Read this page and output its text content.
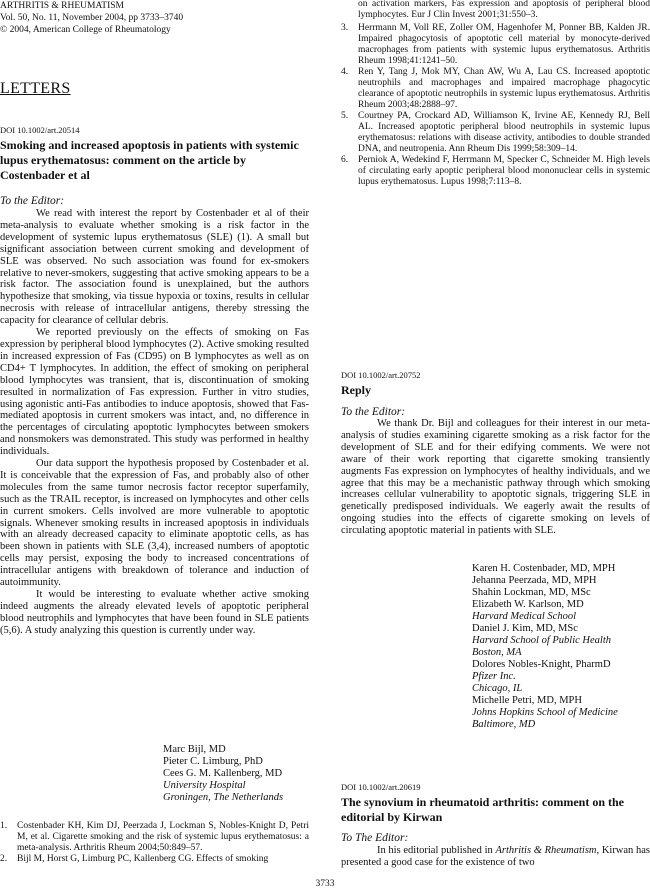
ARTHRITIS & RHEUMATISM
Vol. 50, No. 11, November 2004, pp 3733–3740
© 2004, American College of Rheumatology
LETTERS
DOI 10.1002/art.20514
Smoking and increased apoptosis in patients with systemic lupus erythematosus: comment on the article by Costenbader et al
To the Editor:

We read with interest the report by Costenbader et al of their meta-analysis to evaluate whether smoking is a risk factor in the development of systemic lupus erythematosus (SLE) (1). A small but significant association between current smoking and development of SLE was observed. No such association was found for ex-smokers relative to never-smokers, suggesting that active smoking appears to be a risk factor. The association found is unexplained, but the authors hypothesize that smoking, via tissue hypoxia or toxins, results in cellular necrosis with release of intracellular antigens, thereby stressing the capacity for clearance of cellular debris.

We reported previously on the effects of smoking on Fas expression by peripheral blood lymphocytes (2). Active smoking resulted in increased expression of Fas (CD95) on B lymphocytes as well as on CD4+ T lymphocytes. In addition, the effect of smoking on peripheral blood lymphocytes was transient, that is, discontinuation of smoking resulted in normalization of Fas expression. Further in vitro studies, using agonistic anti-Fas antibodies to induce apoptosis, showed that Fas-mediated apoptosis in current smokers was intact, and, no difference in the percentages of circulating apoptotic lymphocytes between smokers and nonsmokers was demonstrated. This study was performed in healthy individuals.

Our data support the hypothesis proposed by Costenbader et al. It is conceivable that the expression of Fas, and probably also of other molecules from the same tumor necrosis factor receptor superfamily, such as the TRAIL receptor, is increased on lymphocytes and other cells in current smokers. Cells involved are more vulnerable to apoptotic signals. Whenever smoking results in increased apoptosis in individuals with an already decreased capacity to eliminate apoptotic cells, as has been shown in patients with SLE (3,4), increased numbers of apoptotic cells may persist, exposing the body to increased concentrations of intracellular antigens with breakdown of tolerance and induction of autoimmunity.

It would be interesting to evaluate whether active smoking indeed augments the already elevated levels of apoptotic peripheral blood neutrophils and lymphocytes that have been found in SLE patients (5,6). A study analyzing this question is currently under way.

Marc Bijl, MD
Pieter C. Limburg, PhD
Cees G. M. Kallenberg, MD
University Hospital
Groningen, The Netherlands
1. Costenbader KH, Kim DJ, Peerzada J, Lockman S, Nobles-Knight D, Petri M, et al. Cigarette smoking and the risk of systemic lupus erythematosus: a meta-analysis. Arthritis Rheum 2004;50:849–57.
2. Bijl M, Horst G, Limburg PC, Kallenberg CG. Effects of smoking
on activation markers, Fas expression and apoptosis of peripheral blood lymphocytes. Eur J Clin Invest 2001;31:550–3.
3. Herrmann M, Voll RE, Zoller OM, Hagenhofer M, Ponner BB, Kalden JR. Impaired phagocytosis of apoptotic cell material by monocyte-derived macrophages from patients with systemic lupus erythematosus. Arthritis Rheum 1998;41:1241–50.
4. Ren Y, Tang J, Mok MY, Chan AW, Wu A, Lau CS. Increased apoptotic neutrophils and macrophages and impaired macrophage phagocytic clearance of apoptotic neutrophils in systemic lupus erythematosus. Arthritis Rheum 2003;48:2888–97.
5. Courtney PA, Crockard AD, Williamson K, Irvine AE, Kennedy RJ, Bell AL. Increased apoptotic peripheral blood neutrophils in systemic lupus erythematosus: relations with disease activity, antibodies to double stranded DNA, and neutropenia. Ann Rheum Dis 1999;58:309–14.
6. Perniok A, Wedekind F, Herrmann M, Specker C, Schneider M. High levels of circulating early apoptic peripheral blood mononuclear cells in systemic lupus erythematosus. Lupus 1998;7:113–8.
DOI 10.1002/art.20752
Reply
To the Editor:

We thank Dr. Bijl and colleagues for their interest in our meta-analysis of studies examining cigarette smoking as a risk factor for the development of SLE and for their edifying comments. We were not aware of their work reporting that cigarette smoking transiently augments Fas expression on lymphocytes of healthy individuals, and we agree that this may be a mechanistic pathway through which smoking increases cellular vulnerability to apoptotic signals, triggering SLE in genetically predisposed individuals. We eagerly await the results of ongoing studies into the effects of cigarette smoking on levels of circulating apoptotic material in patients with SLE.

Karen H. Costenbader, MD, MPH
Jehanna Peerzada, MD, MPH
Shahin Lockman, MD, MSc
Elizabeth W. Karlson, MD
Harvard Medical School
Daniel J. Kim, MD, MSc
Harvard School of Public Health
Boston, MA
Dolores Nobles-Knight, PharmD
Pfizer Inc.
Chicago, IL
Michelle Petri, MD, MPH
Johns Hopkins School of Medicine
Baltimore, MD
DOI 10.1002/art.20619
The synovium in rheumatoid arthritis: comment on the editorial by Kirwan
To The Editor:

In his editorial published in Arthritis & Rheumatism, Kirwan has presented a good case for the existence of two

3733
